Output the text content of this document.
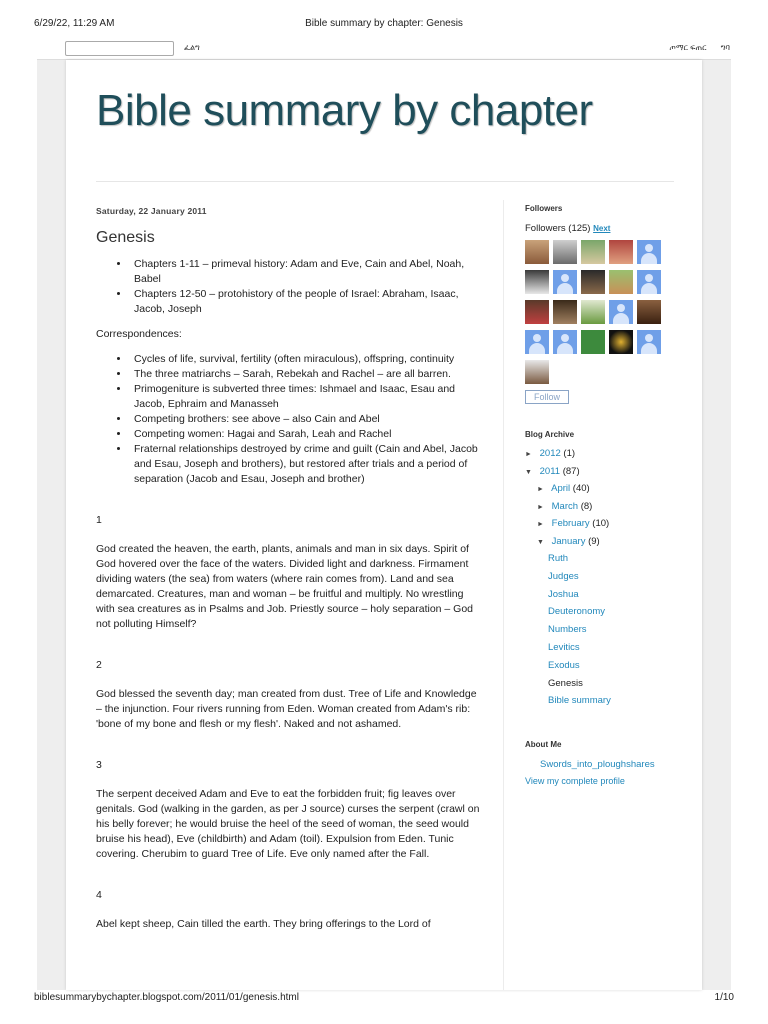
6/29/22, 11:29 AM	Bible summary by chapter: Genesis
ፈልግ	ጦማር ፍጠር ግባ
Bible summary by chapter
Saturday, 22 January 2011
Genesis
• Chapters 1-11 – primeval history: Adam and Eve, Cain and Abel, Noah, Babel
• Chapters 12-50 – protohistory of the people of Israel: Abraham, Isaac, Jacob, Joseph

Correspondences:

• Cycles of life, survival, fertility (often miraculous), offspring, continuity
• The three matriarchs – Sarah, Rebekah and Rachel – are all barren.
• Primogeniture is subverted three times: Ishmael and Isaac, Esau and Jacob, Ephraim and Manasseh
• Competing brothers: see above – also Cain and Abel
• Competing women: Hagai and Sarah, Leah and Rachel
• Fraternal relationships destroyed by crime and guilt (Cain and Abel, Jacob and Esau, Joseph and brothers), but restored after trials and a period of separation (Jacob and Esau, Joseph and brother)

1

God created the heaven, the earth, plants, animals and man in six days. Spirit of God hovered over the face of the waters. Divided light and darkness. Firmament dividing waters (the sea) from waters (where rain comes from). Land and sea demarcated. Creatures, man and woman – be fruitful and multiply. No wrestling with sea creatures as in Psalms and Job. Priestly source – holy separation – God not polluting Himself?

2

God blessed the seventh day; man created from dust. Tree of Life and Knowledge – the injunction. Four rivers running from Eden. Woman created from Adam's rib: 'bone of my bone and flesh or my flesh'. Naked and not ashamed.

3

The serpent deceived Adam and Eve to eat the forbidden fruit; fig leaves over genitals. God (walking in the garden, as per J source) curses the serpent (crawl on his belly forever; he would bruise the heel of the seed of woman, the seed would bruise his head), Eve (childbirth) and Adam (toil). Expulsion from Eden. Tunic covering. Cherubim to guard Tree of Life. Eve only named after the Fall.

4

Abel kept sheep, Cain tilled the earth. They bring offerings to the Lord of

Followers
Followers (125) Next

Follow
Blog Archive
► 2012 (1)
▼ 2011 (87)
► April (40)
► March (8)
► February (10)
▼ January (9)
Ruth
Judges
Joshua
Deuteronomy
Numbers
Levitics
Exodus
Genesis
Bible summary
About Me
Swords_into_ploughshares
View my complete profile
biblesummarybychapter.blogspot.com/2011/01/genesis.html	1/10
